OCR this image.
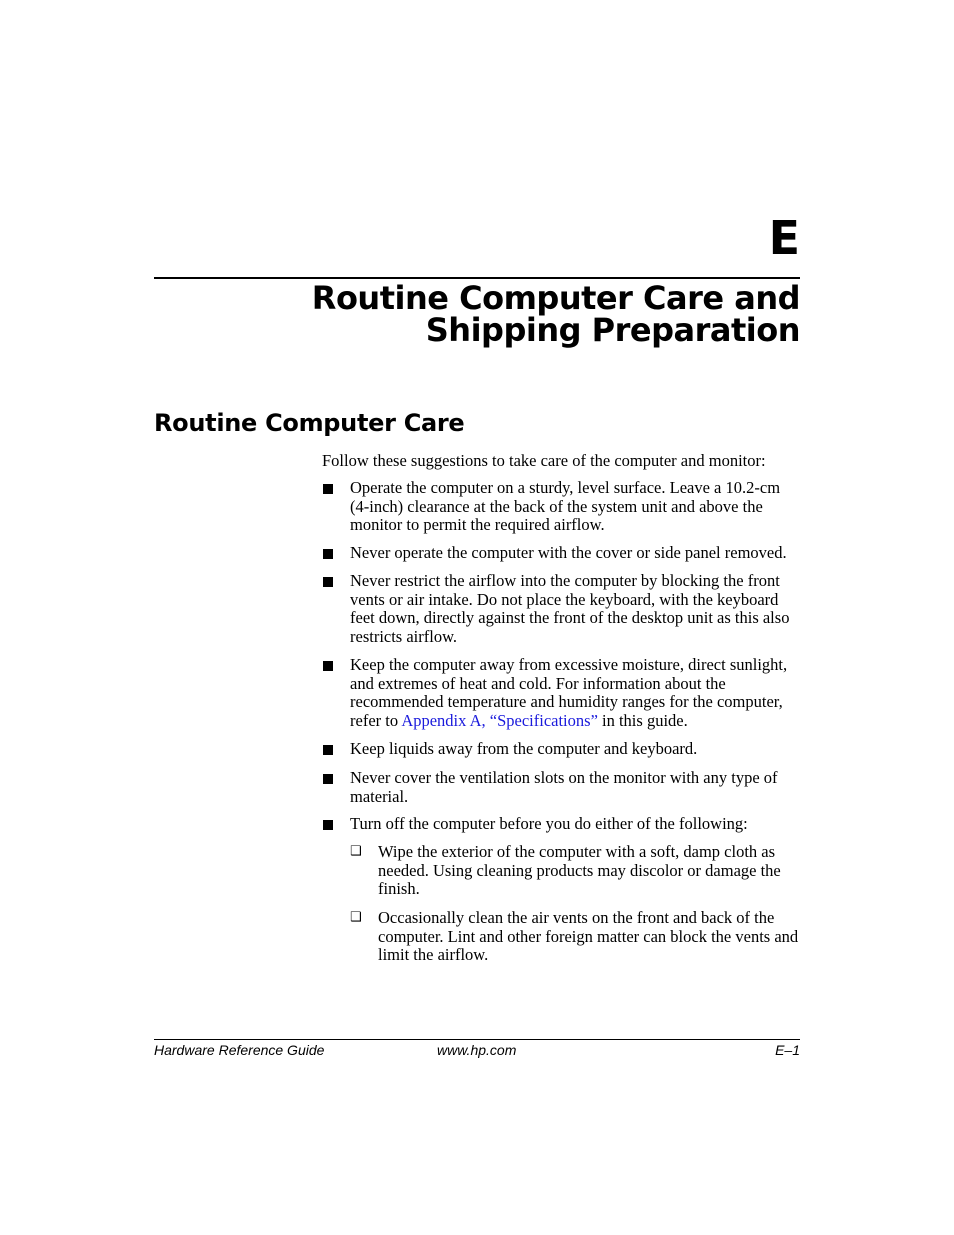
E
Routine Computer Care and
Shipping Preparation
Routine Computer Care
Follow these suggestions to take care of the computer and monitor:
Operate the computer on a sturdy, level surface. Leave a 10.2-cm (4-inch) clearance at the back of the system unit and above the monitor to permit the required airflow.
Never operate the computer with the cover or side panel removed.
Never restrict the airflow into the computer by blocking the front vents or air intake. Do not place the keyboard, with the keyboard feet down, directly against the front of the desktop unit as this also restricts airflow.
Keep the computer away from excessive moisture, direct sunlight, and extremes of heat and cold. For information about the recommended temperature and humidity ranges for the computer, refer to Appendix A, “Specifications” in this guide.
Keep liquids away from the computer and keyboard.
Never cover the ventilation slots on the monitor with any type of material.
Turn off the computer before you do either of the following:
❑ Wipe the exterior of the computer with a soft, damp cloth as needed. Using cleaning products may discolor or damage the finish.
❑ Occasionally clean the air vents on the front and back of the computer. Lint and other foreign matter can block the vents and limit the airflow.
Hardware Reference Guide	www.hp.com	E–1
